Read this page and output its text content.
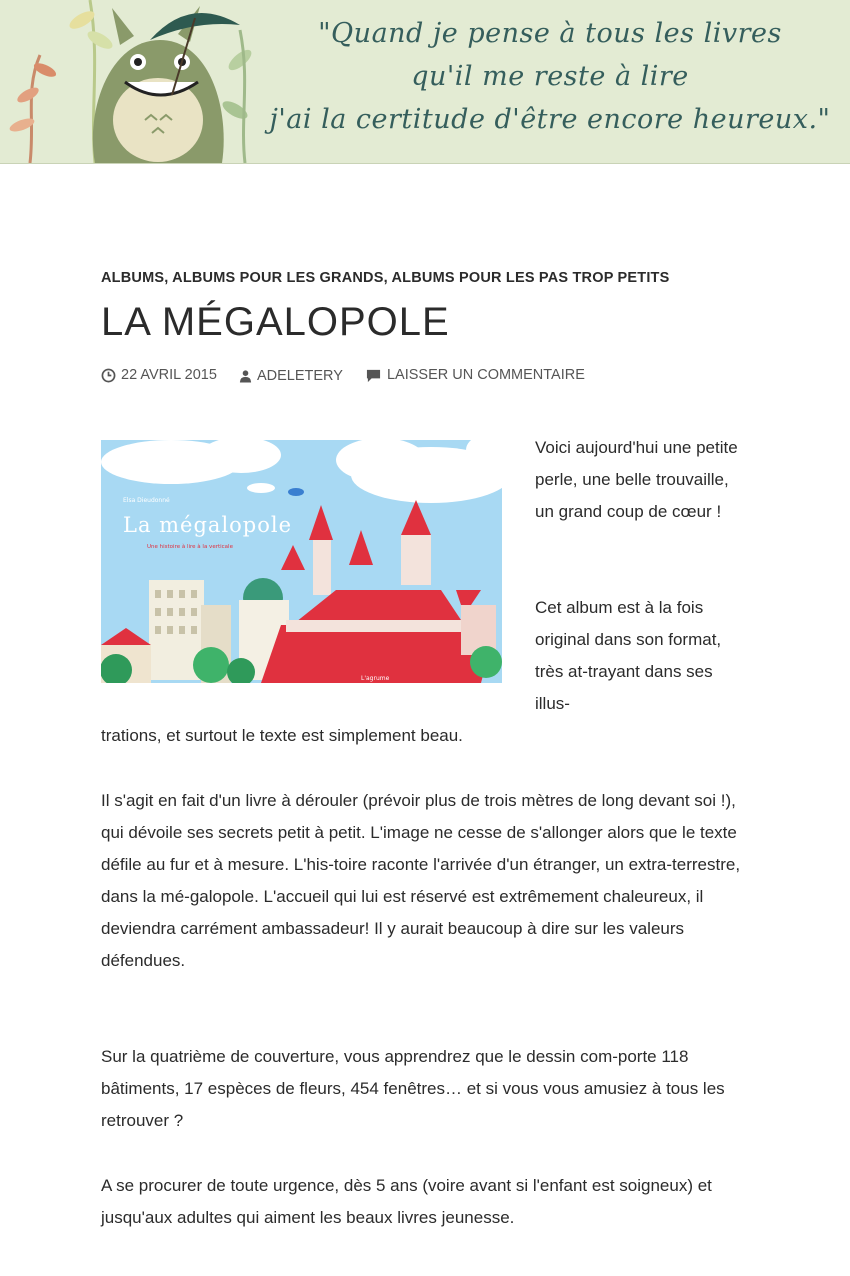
"Quand je pense à tous les livres
qu'il me reste à lire
j'ai la certitude d'être encore heureux."
ALBUMS, ALBUMS POUR LES GRANDS, ALBUMS POUR LES PAS TROP PETITS
LA MÉGALOPOLE
22 AVRIL 2015
	ADELETERY
	LAISSER UN COMMENTAIRE
Elsa Dieudonné
La mégalopole
Une histoire à lire à la verticale
L'agrume

Voici aujourd'hui une petite perle, une belle trouvaille, un grand coup de cœur !

Cet album est à la fois original dans son format, très at-trayant dans ses illus-

trations, et surtout le texte est simplement beau.

Il s'agit en fait d'un livre à dérouler (prévoir plus de trois mètres de long devant soi !), qui dévoile ses secrets petit à petit. L'image ne cesse de s'allonger alors que le texte défile au fur et à mesure. L'his-toire raconte l'arrivée d'un étranger, un extra-terrestre, dans la mé-galopole. L'accueil qui lui est réservé est extrêmement chaleureux, il deviendra carrément ambassadeur! Il y aurait beaucoup à dire sur les valeurs défendues.

Sur la quatrième de couverture, vous apprendrez que le dessin com-porte 118 bâtiments, 17 espèces de fleurs, 454 fenêtres… et si vous vous amusiez à tous les retrouver ?

A se procurer de toute urgence, dès 5 ans (voire avant si l'enfant est soigneux) et jusqu'aux adultes qui aiment les beaux livres jeunesse.
